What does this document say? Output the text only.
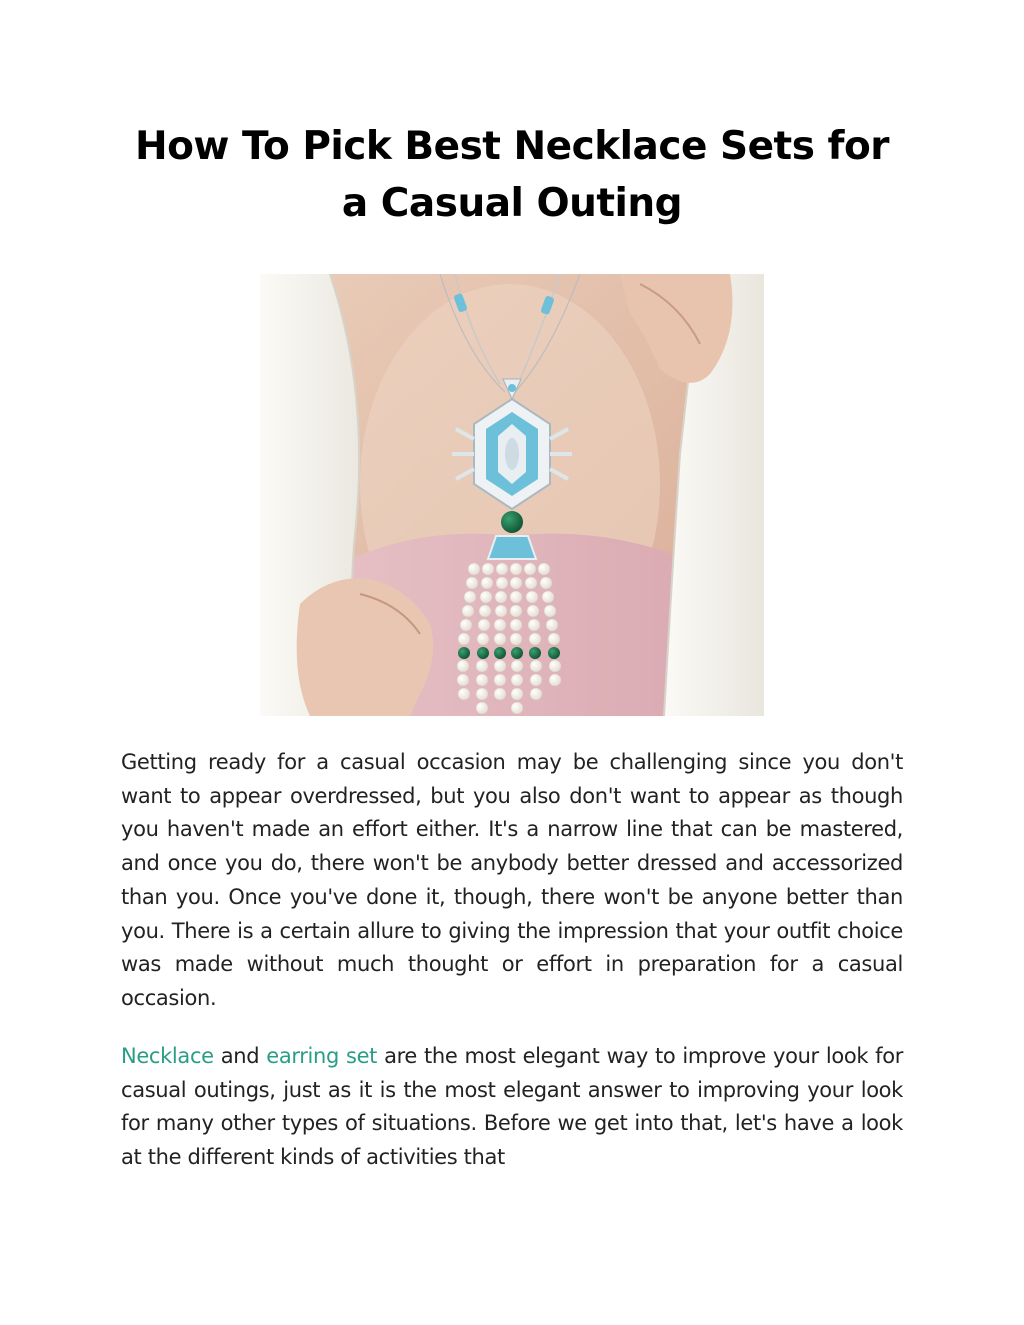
How To Pick Best Necklace Sets for
a Casual Outing

Getting ready for a casual occasion may be challenging since you don't want to appear overdressed, but you also don't want to appear as though you haven't made an effort either. It's a narrow line that can be mastered, and once you do, there won't be anybody better dressed and accessorized than you. Once you've done it, though, there won't be anyone better than you. There is a certain allure to giving the impression that your outfit choice was made without much thought or effort in preparation for a casual occasion.

Necklace and earring set are the most elegant way to improve your look for casual outings, just as it is the most elegant answer to improving your look for many other types of situations. Before we get into that, let's have a look at the different kinds of activities that
